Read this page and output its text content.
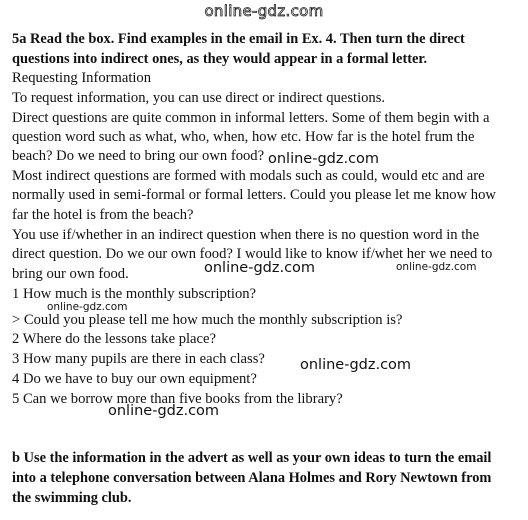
online-gdz.com
5a Read the box. Find examples in the email in Ex. 4. Then turn the direct
questions into indirect ones, as they would appear in a formal letter.
Requesting Information
To request information, you can use direct or indirect questions.
Direct questions are quite common in informal letters. Some of them begin with a
question word such as what, who, when, how etc. How far is the hotel frum the
beach? Do we need to bring our own food?
Most indirect questions are formed with modals such as could, would etc and are
normally used in semi-formal or formal letters. Could you please let me know how
far the hotel is from the beach?
You use if/whether in an indirect question when there is no question word in the
direct question. Do we our own food? I would like to know if/whet her we need to
bring our own food.
1 How much is the monthly subscription?
> Could you please tell me how much the monthly subscription is?
2 Where do the lessons take place?
3 How many pupils are there in each class?
4 Do we have to buy our own equipment?
5 Can we borrow more than five books from the library?
b Use the information in the advert as well as your own ideas to turn the email
into a telephone conversation between Alana Holmes and Rory Newtown from
the swimming club.
online-gdz.com
online-gdz.com	online-gdz.com
online-gdz.com
online-gdz.com
online-gdz.com
